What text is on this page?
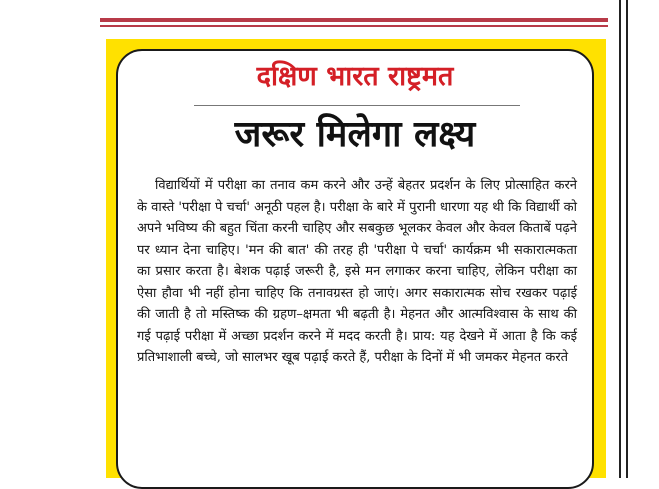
दक्षिण भारत राष्ट्रमत
जरूर मिलेगा लक्ष्य

विद्यार्थियों में परीक्षा का तनाव कम करने और उन्हें बेहतर प्रदर्शन के लिए प्रोत्साहित करने के वास्ते 'परीक्षा पे चर्चा' अनूठी पहल है। परीक्षा के बारे में पुरानी धारणा यह थी कि विद्यार्थी को अपने भविष्य की बहुत चिंता करनी चाहिए और सबकुछ भूलकर केवल और केवल किताबें पढ़ने पर ध्यान देना चाहिए। 'मन की बात' की तरह ही 'परीक्षा पे चर्चा' कार्यक्रम भी सकारात्मकता का प्रसार करता है। बेशक पढ़ाई जरूरी है, इसे मन लगाकर करना चाहिए, लेकिन परीक्षा का ऐसा हौवा भी नहीं होना चाहिए कि तनावग्रस्त हो जाएं। अगर सकारात्मक सोच रखकर पढ़ाई की जाती है तो मस्तिष्क की ग्रहण–क्षमता भी बढ़ती है। मेहनत और आत्मविश्वास के साथ की गई पढ़ाई परीक्षा में अच्छा प्रदर्शन करने में मदद करती है। प्राय: यह देखने में आता है कि कई प्रतिभाशाली बच्चे, जो सालभर खूब पढ़ाई करते हैं, परीक्षा के दिनों में भी जमकर मेहनत करते
